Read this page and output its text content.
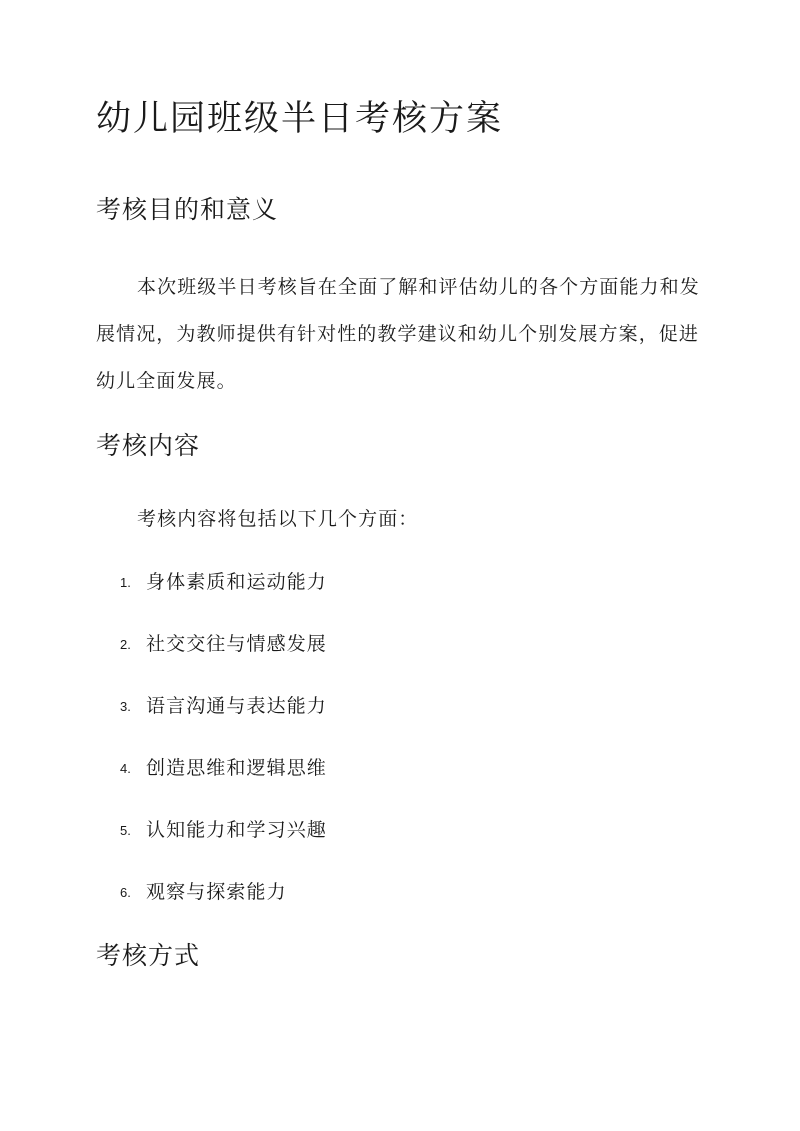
幼儿园班级半日考核方案
考核目的和意义

本次班级半日考核旨在全面了解和评估幼儿的各个方面能力和发展情况，为教师提供有针对性的教学建议和幼儿个别发展方案，促进幼儿全面发展。

考核内容

考核内容将包括以下几个方面：

1. 身体素质和运动能力
2. 社交交往与情感发展
3. 语言沟通与表达能力
4. 创造思维和逻辑思维
5. 认知能力和学习兴趣
6. 观察与探索能力
考核方式
